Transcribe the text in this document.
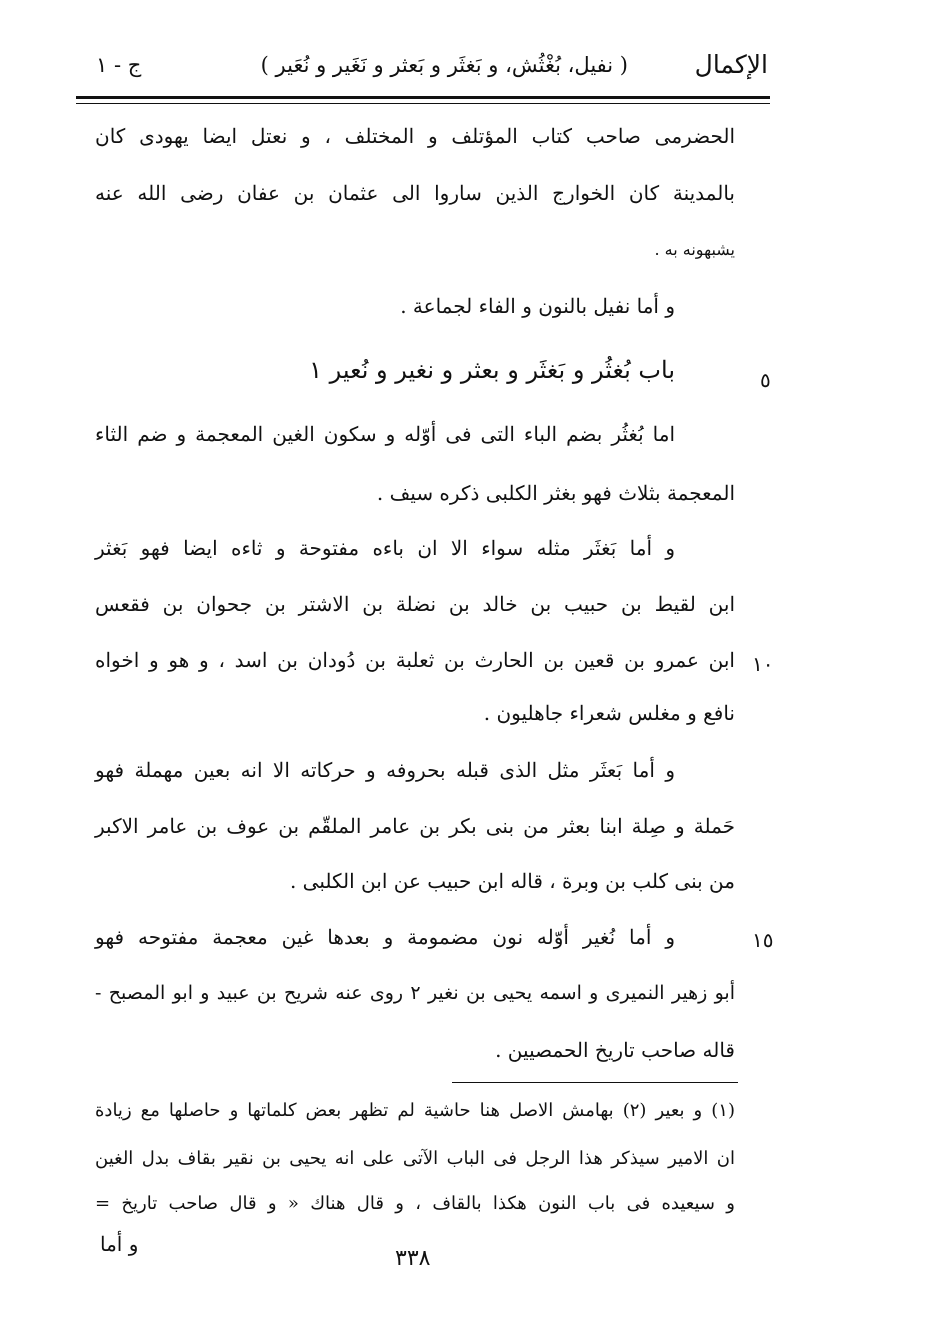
الإكمال
( نفيل، بُغْثُش، و بَغثَر و بَعثر و نَغَير و نُعَير )
ج - ١
الحضرمى صاحب كتاب المؤتلف و المختلف ، و نعتل ايضا يهودى كان
بالمدينة كان الخوارج الذين ساروا الى عثمان بن عفان رضى الله عنه
يشبهونه به .
و أما نفيل بالنون و الفاء لجماعة .
باب بُغثُر و بَغثَر و بعثر و نغير و نُعير ١	٥
اما بُغثُر بضم الباء التى فى أوّله و سكون الغين المعجمة و ضم الثاء
المعجمة بثلاث فهو بغثر الكلبى ذكره سيف .
و أما بَغثَر مثله سواء الا ان باءه مفتوحة و ثاءه ايضا فهو بَغثر
ابن لقيط بن حبيب بن خالد بن نضلة بن الاشتر بن جحوان بن فقعس
ابن عمرو بن قعين بن الحارث بن ثعلبة بن دُودان بن اسد ، و هو و اخواه ١٠
نافع و مغلس شعراء جاهليون .
و أما بَعثَر مثل الذى قبله بحروفه و حركاته الا انه بعين مهملة فهو
حَملة و صِلة ابنا بعثر من بنى بكر بن عامر الملقّم بن عوف بن عامر الاكبر
من بنى كلب بن وبرة ، قاله ابن حبيب عن ابن الكلبى .
و أما نُغير أوّله نون مضمومة و بعدها غين معجمة مفتوحه فهو	١٥
أبو زهير النميرى و اسمه يحيى بن نغير ٢ روى عنه شريح بن عبيد و ابو المصبح -
قاله صاحب تاريخ الحمصيين .
(١) و بعير (٢) بهامش الاصل هنا حاشية لم تظهر بعض كلماتها و حاصلها مع زيادة
ان الامير سيذكر هذا الرجل فى الباب الآتى على انه يحيى بن نقير بقاف بدل الغين
و سيعيده فى باب النون هكذا بالقاف ، و قال هناك « و قال صاحب تاريخ =
و أما
٣٣٨
